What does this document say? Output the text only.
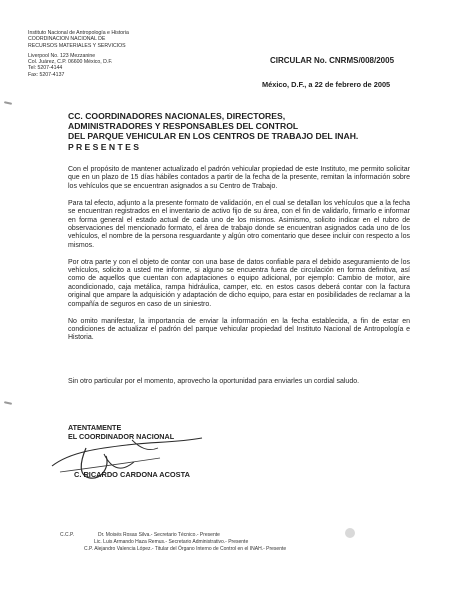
Instituto Nacional de Antropología e Historia
COORDINACION NACIONAL DE
RECURSOS MATERIALES Y SERVICIOS
Liverpool No. 123 Mezzanine
Col. Juárez, C.P. 06600 México, D.F.
Tel: 5207-4144
Fax: 5207-4137
CIRCULAR No. CNRMS/008/2005
México, D.F., a 22 de febrero de 2005
CC. COORDINADORES NACIONALES, DIRECTORES,
ADMINISTRADORES Y RESPONSABLES DEL CONTROL
DEL PARQUE VEHICULAR EN LOS CENTROS DE TRABAJO DEL INAH.
P R E S E N T E S

Con el propósito de mantener actualizado el padrón vehicular propiedad de este Instituto, me permito solicitar que en un plazo de 15 días hábiles contados a partir de la fecha de la presente, remitan la información sobre los vehículos que se encuentran asignados a su Centro de Trabajo.

Para tal efecto, adjunto a la presente formato de validación, en el cual se detallan los vehículos que a la fecha se encuentran registrados en el inventario de activo fijo de su área, con el fin de validarlo, firmarlo e informar en forma general el estado actual de cada uno de los mismos. Asimismo, solicito indicar en el rubro de observaciones del mencionado formato, el área de trabajo donde se encuentran asignados cada uno de los vehículos, el nombre de la persona resguardante y algún otro comentario que desee incluir con respecto a los mismos.

Por otra parte y con el objeto de contar con una base de datos confiable para el debido aseguramiento de los vehículos, solicito a usted me informe, si alguno se encuentra fuera de circulación en forma definitiva, así como de aquellos que cuentan con adaptaciones o equipo adicional, por ejemplo: Cambio de motor, aire acondicionado, caja metálica, rampa hidráulica, camper, etc. en estos casos deberá contar con la factura original que ampare la adquisición y adaptación de dicho equipo, para estar en posibilidades de reclamar a la compañía de seguros en caso de un siniestro.

No omito manifestar, la importancia de enviar la información en la fecha establecida, a fin de estar en condiciones de actualizar el padrón del parque vehicular propiedad del Instituto Nacional de Antropología e Historia.

Sin otro particular por el momento, aprovecho la oportunidad para enviarles un cordial saludo.
ATENTAMENTE
EL COORDINADOR NACIONAL
C. RICARDO CARDONA ACOSTA
C.C.P.	Dr. Moisés Rosas Silva.- Secretario Técnico.- Presente
Lic. Luis Armando Haza Remus.- Secretario Administrativo.- Presente
C.P. Alejandro Valencia López.- Titular del Órgano Interno de Control en el INAH.- Presente
